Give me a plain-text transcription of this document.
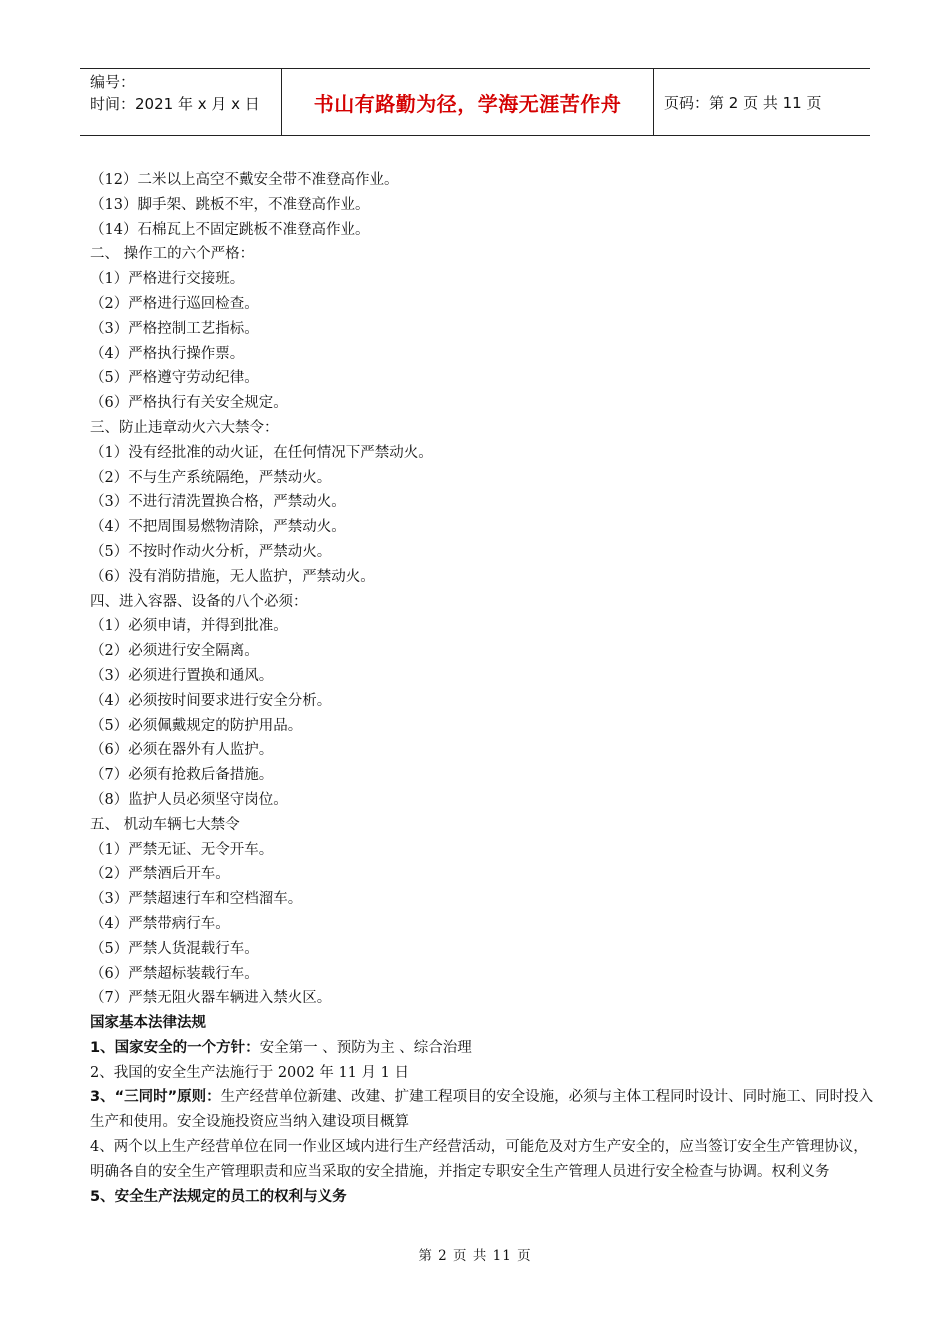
编号：
时间：2021 年 x 月 x 日	书山有路勤为径，学海无涯苦作舟	页码：第 2 页 共 11 页
（12）二米以上高空不戴安全带不准登高作业。
（13）脚手架、跳板不牢，不准登高作业。
（14）石棉瓦上不固定跳板不准登高作业。
二、 操作工的六个严格：
（1）严格进行交接班。
（2）严格进行巡回检查。
（3）严格控制工艺指标。
（4）严格执行操作票。
（5）严格遵守劳动纪律。
（6）严格执行有关安全规定。
三、防止违章动火六大禁令：
（1）没有经批准的动火证，在任何情况下严禁动火。
（2）不与生产系统隔绝，严禁动火。
（3）不进行清洗置换合格，严禁动火。
（4）不把周围易燃物清除，严禁动火。
（5）不按时作动火分析，严禁动火。
（6）没有消防措施，无人监护，严禁动火。
四、进入容器、设备的八个必须：
（1）必须申请，并得到批准。
（2）必须进行安全隔离。
（3）必须进行置换和通风。
（4）必须按时间要求进行安全分析。
（5）必须佩戴规定的防护用品。
（6）必须在器外有人监护。
（7）必须有抢救后备措施。
（8）监护人员必须坚守岗位。
五、 机动车辆七大禁令
（1）严禁无证、无令开车。
（2）严禁酒后开车。
（3）严禁超速行车和空档溜车。
（4）严禁带病行车。
（5）严禁人货混载行车。
（6）严禁超标装载行车。
（7）严禁无阻火器车辆进入禁火区。
国家基本法律法规
1、国家安全的一个方针：安全第一 、预防为主 、综合治理
2、我国的安全生产法施行于 2002 年 11 月 1 日
3、“三同时”原则：生产经营单位新建、改建、扩建工程项目的安全设施，必须与主体工程同时设计、同时施工、同时投入生产和使用。安全设施投资应当纳入建设项目概算
4、两个以上生产经营单位在同一作业区域内进行生产经营活动，可能危及对方生产安全的，应当签订安全生产管理协议，明确各自的安全生产管理职责和应当采取的安全措施，并指定专职安全生产管理人员进行安全检查与协调。权利义务
5、安全生产法规定的员工的权利与义务
第 2 页 共 11 页
